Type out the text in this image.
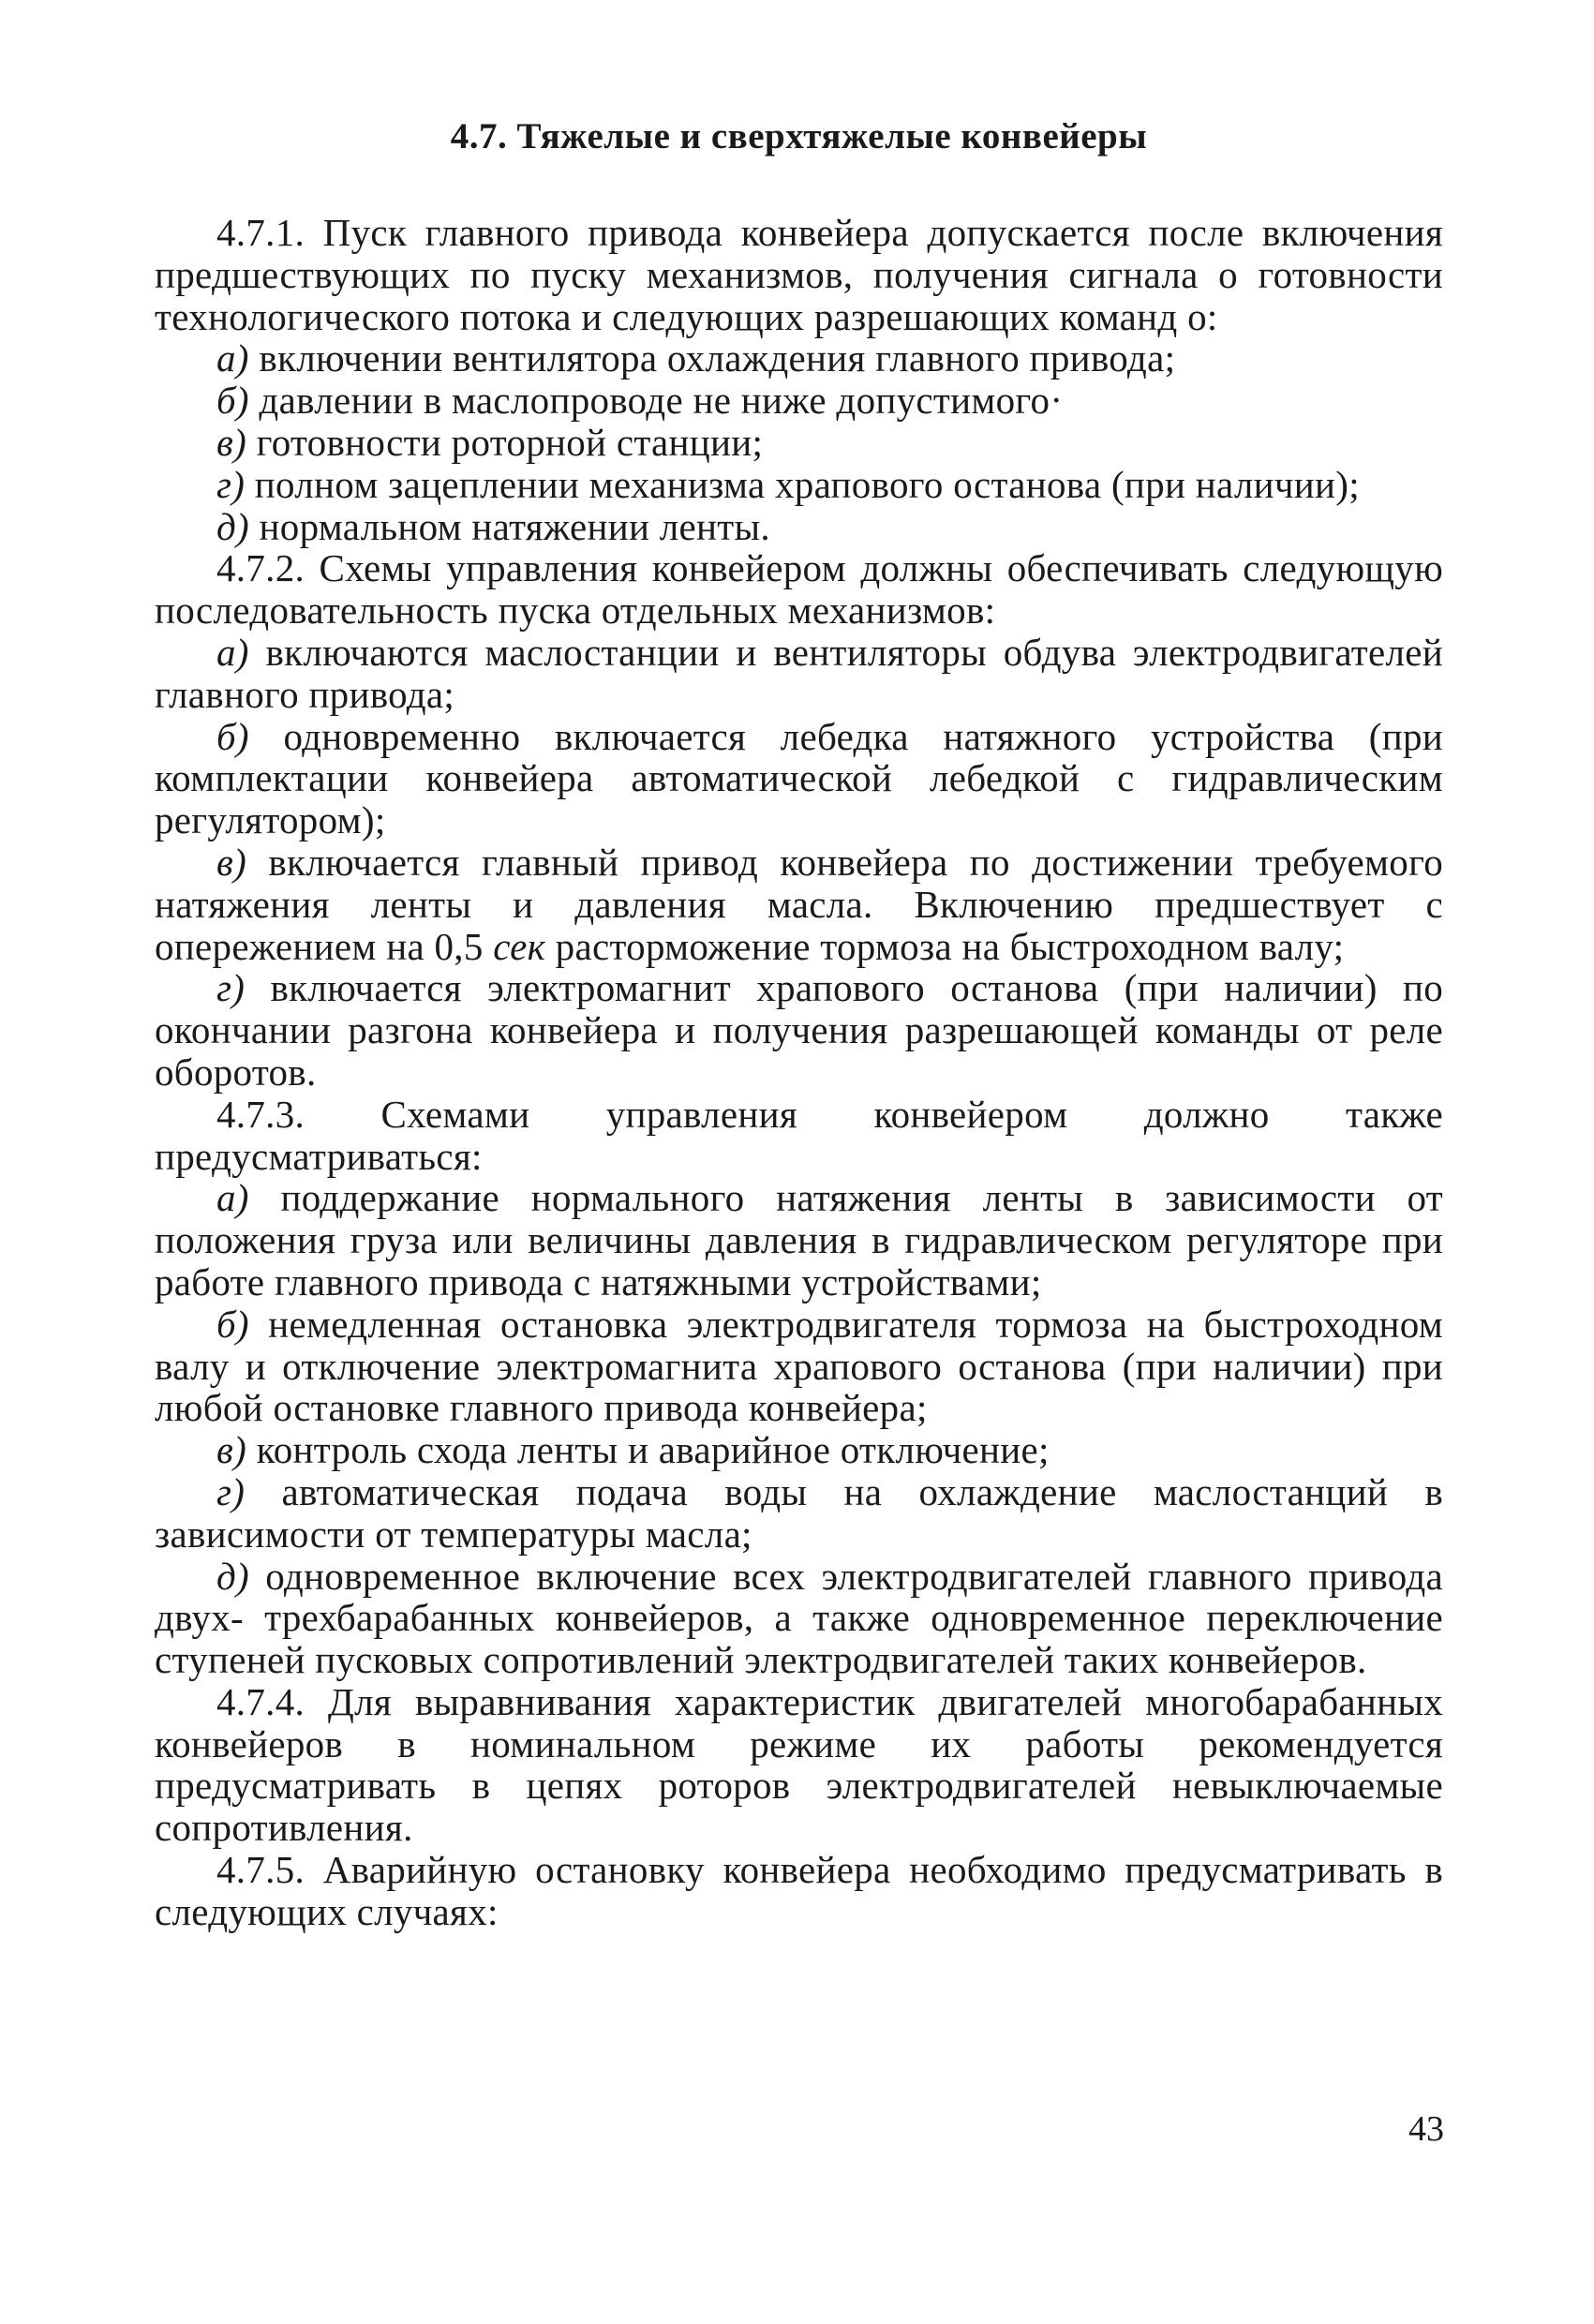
4.7. Тяжелые и сверхтяжелые конвейеры

4.7.1. Пуск главного привода конвейера допускается после включения предшествующих по пуску механизмов, получения сигнала о готовности технологического потока и следующих разрешающих команд о:

а) включении вентилятора охлаждения главного привода;

б) давлении в маслопроводе не ниже допустимого·

в) готовности роторной станции;

г) полном зацеплении механизма храпового останова (при наличии);

д) нормальном натяжении ленты.

4.7.2. Схемы управления конвейером должны обеспечивать следующую последовательность пуска отдельных механизмов:

а) включаются маслостанции и вентиляторы обдува электродвигателей главного привода;

б) одновременно включается лебедка натяжного устройства (при комплектации конвейера автоматической лебедкой с гидравлическим регулятором);

в) включается главный привод конвейера по достижении требуемого натяжения ленты и давления масла. Включению предшествует с опережением на 0,5 сек расторможение тормоза на быстроходном валу;

г) включается электромагнит храпового останова (при наличии) по окончании разгона конвейера и получения разрешающей команды от реле оборотов.

4.7.3. Схемами управления конвейером должно также предусматриваться:

а) поддержание нормального натяжения ленты в зависимости от положения груза или величины давления в гидравлическом регуляторе при работе главного привода с натяжными устройствами;

б) немедленная остановка электродвигателя тормоза на быстроходном валу и отключение электромагнита храпового останова (при наличии) при любой остановке главного привода конвейера;

в) контроль схода ленты и аварийное отключение;

г) автоматическая подача воды на охлаждение маслостанций в зависимости от температуры масла;

д) одновременное включение всех электродвигателей главного привода двух- трехбарабанных конвейеров, а также одновременное переключение ступеней пусковых сопротивлений электродвигателей таких конвейеров.

4.7.4. Для выравнивания характеристик двигателей многобарабанных конвейеров в номинальном режиме их работы рекомендуется предусматривать в цепях роторов электродвигателей невыключаемые сопротивления.

4.7.5. Аварийную остановку конвейера необходимо предусматривать в следующих случаях:

43
